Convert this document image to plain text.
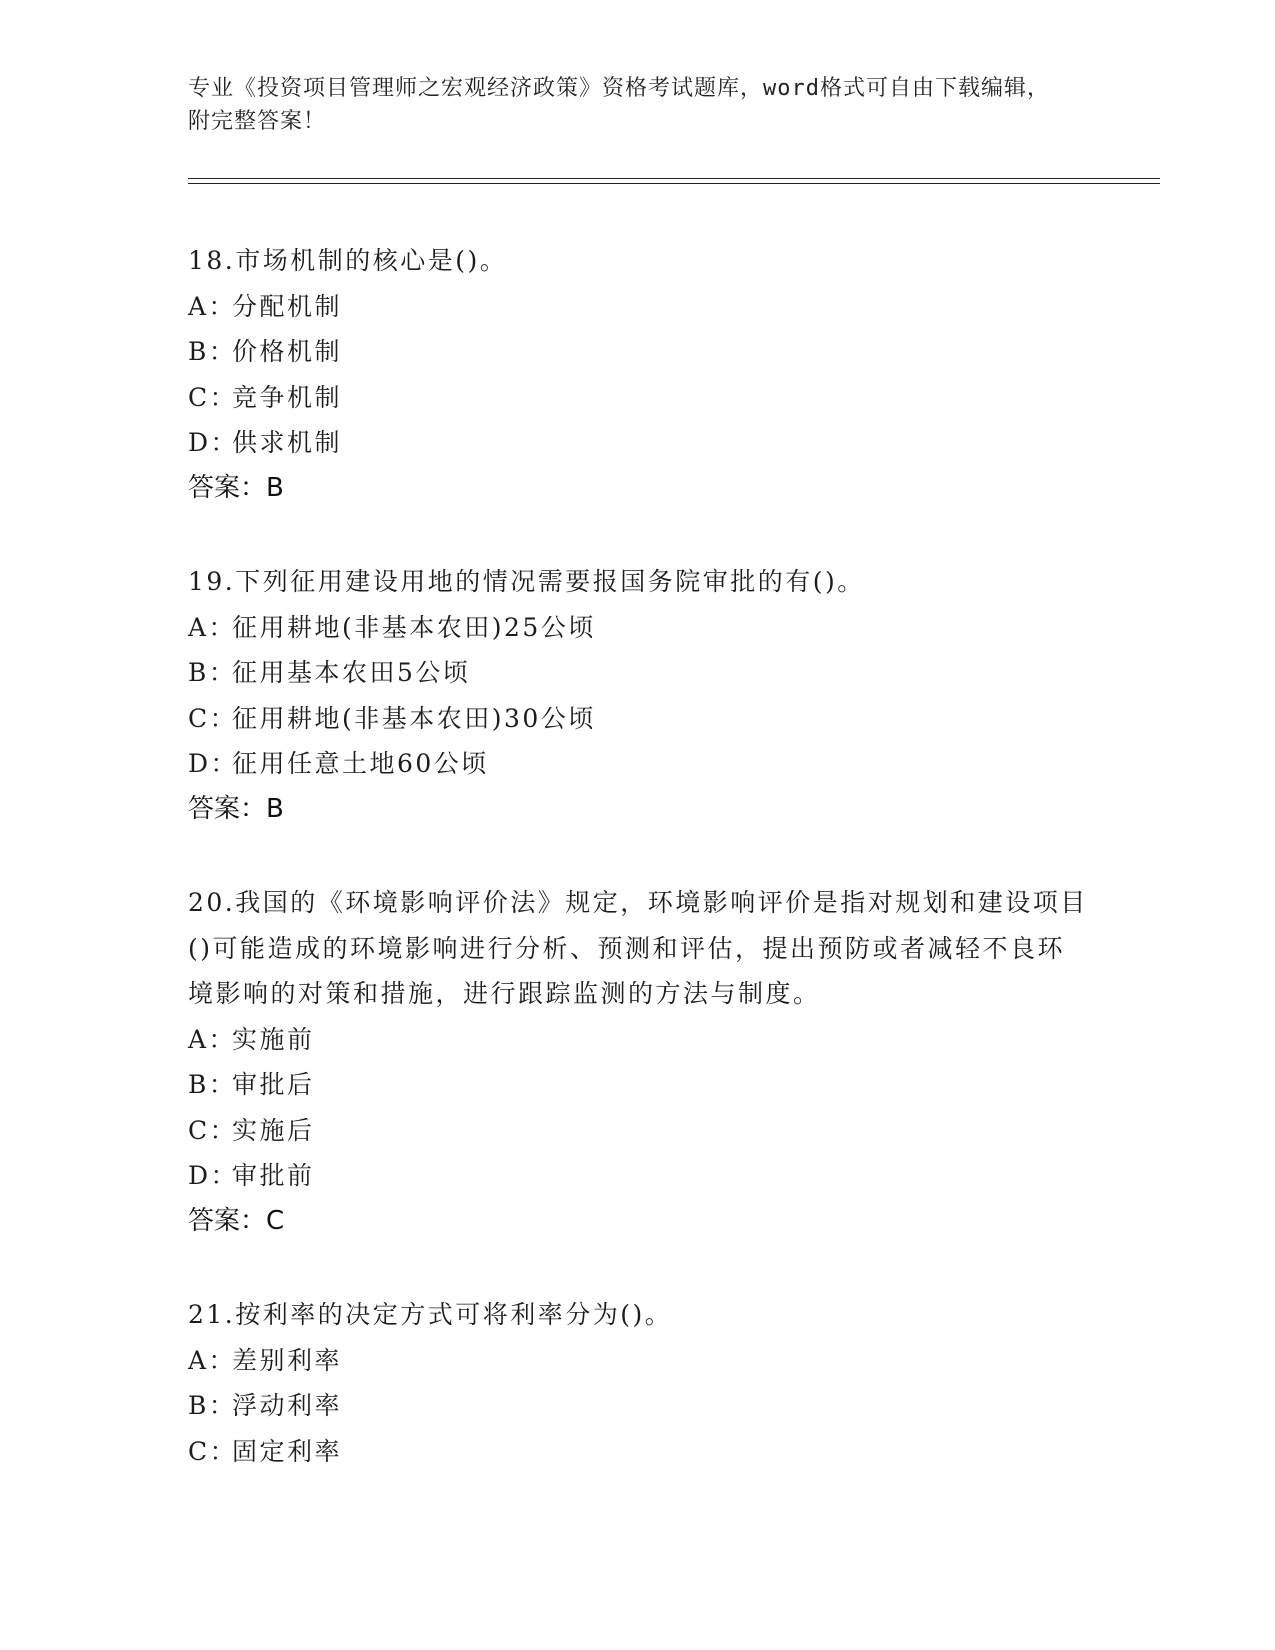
专业《投资项目管理师之宏观经济政策》资格考试题库，word格式可自由下载编辑，附完整答案！

18.市场机制的核心是()。

A：分配机制

B：价格机制

C：竞争机制

D：供求机制

答案：B

19.下列征用建设用地的情况需要报国务院审批的有()。

A：征用耕地(非基本农田)25公顷

B：征用基本农田5公顷

C：征用耕地(非基本农田)30公顷

D：征用任意土地60公顷

答案：B

20.我国的《环境影响评价法》规定，环境影响评价是指对规划和建设项目()可能造成的环境影响进行分析、预测和评估，提出预防或者减轻不良环境影响的对策和措施，进行跟踪监测的方法与制度。

A：实施前

B：审批后

C：实施后

D：审批前

答案：C

21.按利率的决定方式可将利率分为()。

A：差别利率

B：浮动利率

C：固定利率
